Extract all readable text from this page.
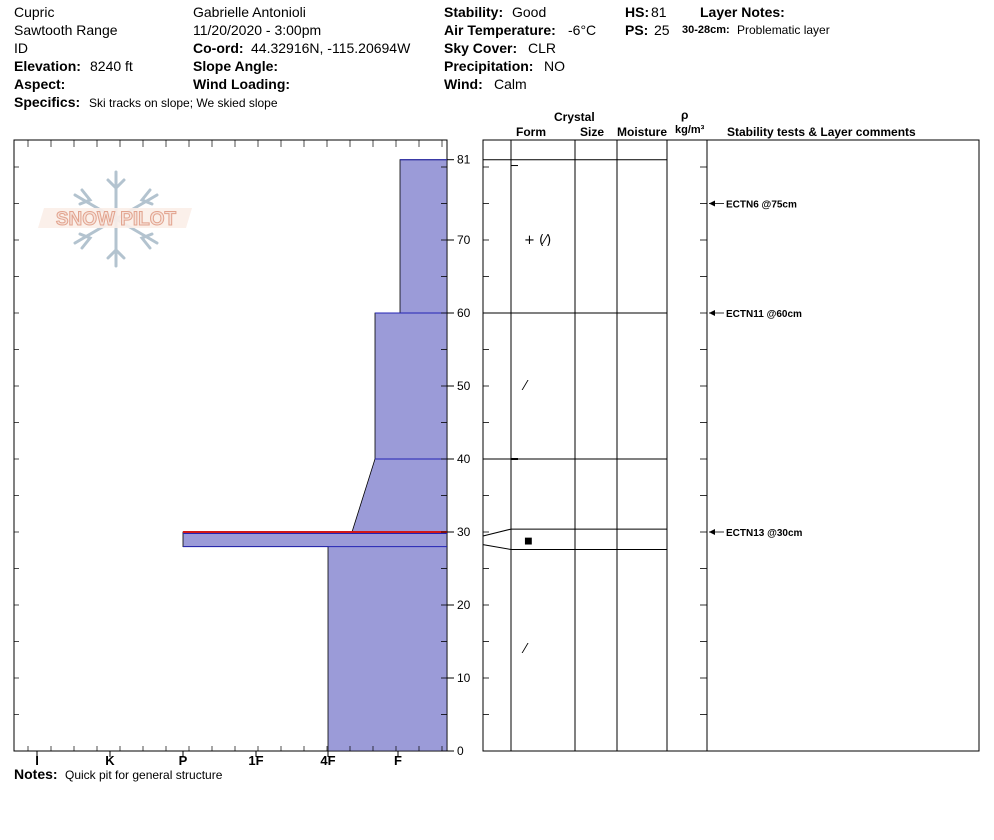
Cupric
Sawtooth Range
ID
Elevation: 8240 ft
Aspect:
Specifics: Ski tracks on slope; We skied slope
Gabrielle Antonioli
11/20/2020 - 3:00pm
Co-ord: 44.32916N, -115.20694W
Slope Angle:
Wind Loading:
Stability: Good
Air Temperature: -6°C
Sky Cover: CLR
Precipitation: NO
Wind: Calm
HS: 81
PS: 25
Layer Notes:
30-28cm: Problematic layer
Crystal
Form	Size Moisture
ρ
kg/m³ Stability tests & Layer comments
I	K	P	1F	4F	F
0
10
20
30
40
50
60
70
81
+ (⁄)
⁄
■
⁄
ECTN6 @75cm
ECTN11 @60cm
ECTN13 @30cm
SNOW PILOT
Notes: Quick pit for general structure
